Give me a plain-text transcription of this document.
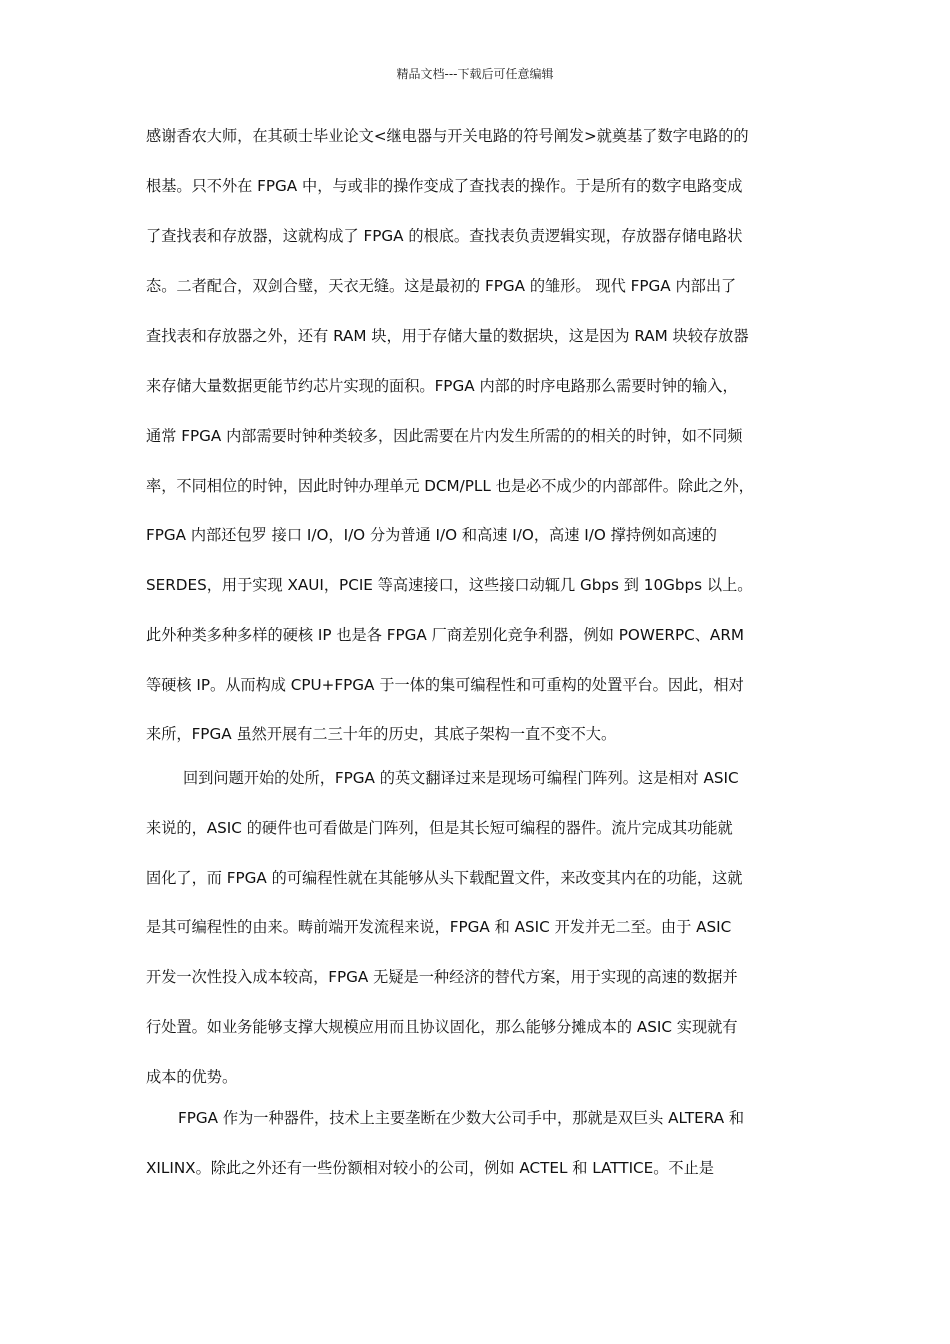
精品文档---下载后可任意编辑
感谢香农大师，在其硕士毕业论文<继电器与开关电路的符号阐发>就奠基了数字电路的的
根基。只不外在 FPGA 中，与或非的操作变成了查找表的操作。于是所有的数字电路变成
了查找表和存放器，这就构成了 FPGA 的根底。查找表负责逻辑实现，存放器存储电路状
态。二者配合，双剑合璧，天衣无缝。这是最初的 FPGA 的雏形。 现代 FPGA 内部出了
查找表和存放器之外，还有 RAM 块，用于存储大量的数据块，这是因为 RAM 块较存放器
来存储大量数据更能节约芯片实现的面积。FPGA 内部的时序电路那么需要时钟的输入，
通常 FPGA 内部需要时钟种类较多，因此需要在片内发生所需的的相关的时钟，如不同频
率，不同相位的时钟，因此时钟办理单元 DCM/PLL 也是必不成少的内部部件。除此之外，
FPGA 内部还包罗 接口 I/O，I/O 分为普通 I/O 和高速 I/O，高速 I/O 撑持例如高速的
SERDES，用于实现 XAUI，PCIE 等高速接口，这些接口动辄几 Gbps 到 10Gbps 以上。
此外种类多种多样的硬核 IP 也是各 FPGA 厂商差别化竞争利器，例如 POWERPC、ARM
等硬核 IP。从而构成 CPU+FPGA 于一体的集可编程性和可重构的处置平台。因此，相对
来所，FPGA 虽然开展有二三十年的历史，其底子架构一直不变不大。
回到问题开始的处所，FPGA 的英文翻译过来是现场可编程门阵列。这是相对 ASIC
来说的，ASIC 的硬件也可看做是门阵列，但是其长短可编程的器件。流片完成其功能就
固化了，而 FPGA 的可编程性就在其能够从头下载配置文件，来改变其内在的功能，这就
是其可编程性的由来。畴前端开发流程来说，FPGA 和 ASIC 开发并无二至。由于 ASIC
开发一次性投入成本较高，FPGA 无疑是一种经济的替代方案，用于实现的高速的数据并
行处置。如业务能够支撑大规模应用而且协议固化，那么能够分摊成本的 ASIC 实现就有
成本的优势。
FPGA 作为一种器件，技术上主要垄断在少数大公司手中，那就是双巨头 ALTERA 和
XILINX。除此之外还有一些份额相对较小的公司，例如 ACTEL 和 LATTICE。不止是
